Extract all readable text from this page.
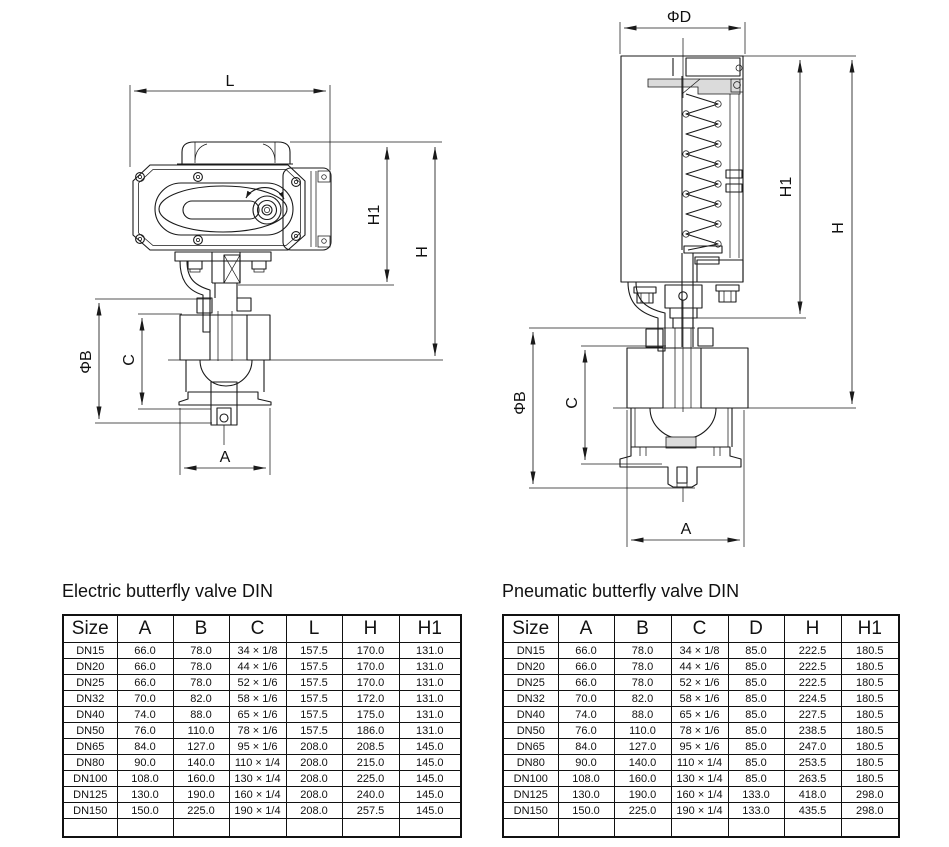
L
H1
H
ΦB C
A
ΦD
H1
H
ΦB C
A
Electric butterfly valve DIN
Size	A	B	C	L	H	H1
DN15	66.0	78.0	34 × 1/8	157.5	170.0	131.0
DN20	66.0	78.0	44 × 1/6	157.5	170.0	131.0
DN25	66.0	78.0	52 × 1/6	157.5	170.0	131.0
DN32	70.0	82.0	58 × 1/6	157.5	172.0	131.0
DN40	74.0	88.0	65 × 1/6	157.5	175.0	131.0
DN50	76.0	110.0	78 × 1/6	157.5	186.0	131.0
DN65	84.0	127.0	95 × 1/6	208.0	208.5	145.0
DN80	90.0	140.0	110 × 1/4	208.0	215.0	145.0
DN100	108.0	160.0	130 × 1/4	208.0	225.0	145.0
DN125	130.0	190.0	160 × 1/4	208.0	240.0	145.0
DN150	150.0	225.0	190 × 1/4	208.0	257.5	145.0

Pneumatic butterfly valve DIN
Size	A	B	C	D	H	H1
DN15	66.0	78.0	34 × 1/8	85.0	222.5	180.5
DN20	66.0	78.0	44 × 1/6	85.0	222.5	180.5
DN25	66.0	78.0	52 × 1/6	85.0	222.5	180.5
DN32	70.0	82.0	58 × 1/6	85.0	224.5	180.5
DN40	74.0	88.0	65 × 1/6	85.0	227.5	180.5
DN50	76.0	110.0	78 × 1/6	85.0	238.5	180.5
DN65	84.0	127.0	95 × 1/6	85.0	247.0	180.5
DN80	90.0	140.0	110 × 1/4	85.0	253.5	180.5
DN100	108.0	160.0	130 × 1/4	85.0	263.5	180.5
DN125	130.0	190.0	160 × 1/4	133.0	418.0	298.0
DN150	150.0	225.0	190 × 1/4	133.0	435.5	298.0
